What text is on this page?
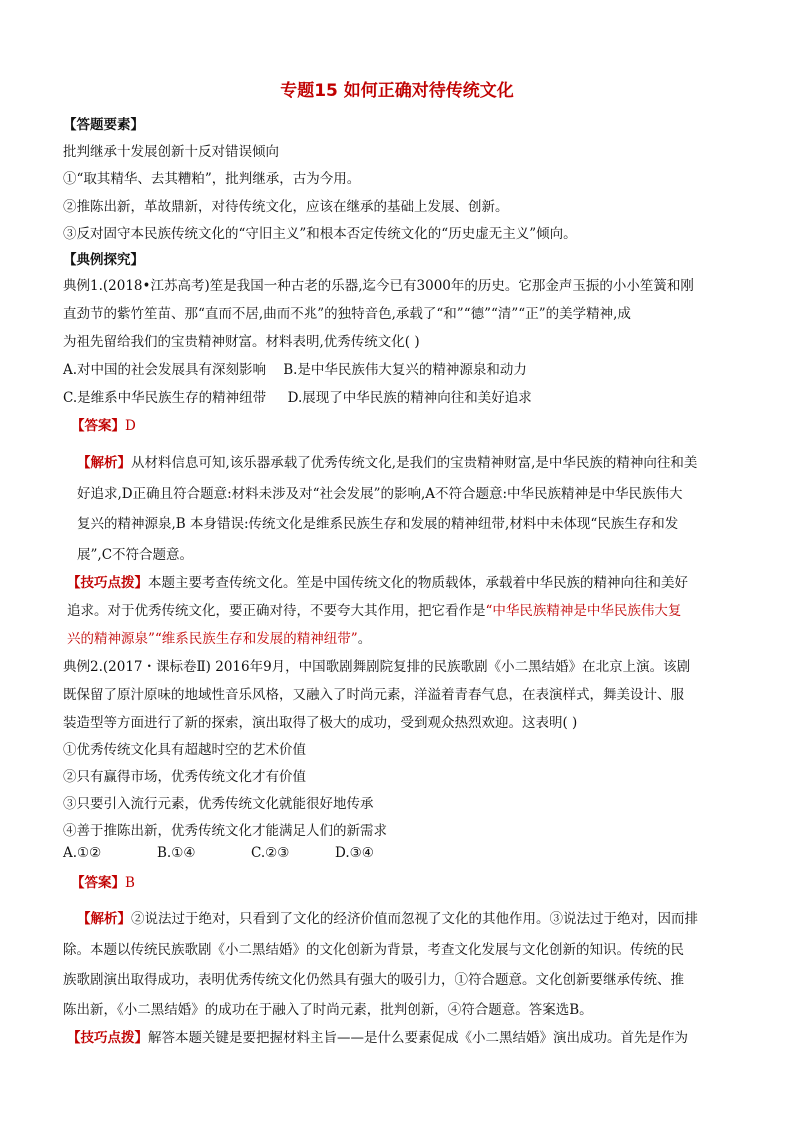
专题15 如何正确对待传统文化
【答题要素】
批判继承十发展创新十反对错误倾向
①“取其精华、去其糟粕”，批判继承，古为今用。
②推陈出新，革故鼎新，对待传统文化，应该在继承的基础上发展、创新。
③反对固守本民族传统文化的“守旧主义”和根本否定传统文化的“历史虚无主义”倾向。
【典例探究】
典例1.(2018•江苏高考)笙是我国一种古老的乐器,迄今已有3000年的历史。它那金声玉振的小小笙簧和刚
直劲节的紫竹笙苗、那“直而不居,曲而不兆”的独特音色,承载了“和”“德”“清”“正”的美学精神,成
为祖先留给我们的宝贵精神财富。材料表明,优秀传统文化( )
A.对中国的社会发展具有深刻影响 B.是中华民族伟大复兴的精神源泉和动力
C.是维系中华民族生存的精神纽带 D.展现了中华民族的精神向往和美好追求
【答案】D
【解析】从材料信息可知,该乐器承载了优秀传统文化,是我们的宝贵精神财富,是中华民族的精神向往和美
好追求,D正确且符合题意:材料未涉及对“社会发展”的影响,A不符合题意:中华民族精神是中华民族伟大
复兴的精神源泉,B 本身错误:传统文化是维系民族生存和发展的精神纽带,材料中未体现“民族生存和发
展”,C不符合题意。
【技巧点拨】本题主要考查传统文化。笙是中国传统文化的物质载体，承载着中华民族的精神向往和美好
追求。对于优秀传统文化，要正确对待，不要夸大其作用，把它看作是“中华民族精神是中华民族伟大复
兴的精神源泉”“维系民族生存和发展的精神纽带”。
典例2.(2017・课标卷Ⅱ) 2016年9月，中国歌剧舞剧院复排的民族歌剧《小二黑结婚》在北京上演。该剧
既保留了原汁原味的地域性音乐风格，又融入了时尚元素，洋溢着青春气息，在表演样式，舞美设计、服
装造型等方面进行了新的探索，演出取得了极大的成功，受到观众热烈欢迎。这表明( )
①优秀传统文化具有超越时空的艺术价值
②只有赢得市场，优秀传统文化才有价值
③只要引入流行元素，优秀传统文化就能很好地传承
④善于推陈出新，优秀传统文化才能满足人们的新需求
A.①②	B.①④	C.②③	D.③④
【答案】B
【解析】②说法过于绝对，只看到了文化的经济价值而忽视了文化的其他作用。③说法过于绝对，因而排
除。本题以传统民族歌剧《小二黑结婚》的文化创新为背景，考查文化发展与文化创新的知识。传统的民
族歌剧演出取得成功，表明优秀传统文化仍然具有强大的吸引力，①符合题意。文化创新要继承传统、推
陈出新，《小二黑结婚》的成功在于融入了时尚元素，批判创新，④符合题意。答案选B。
【技巧点拨】解答本题关键是要把握材料主旨——是什么要素促成《小二黑结婚》演出成功。首先是作为
